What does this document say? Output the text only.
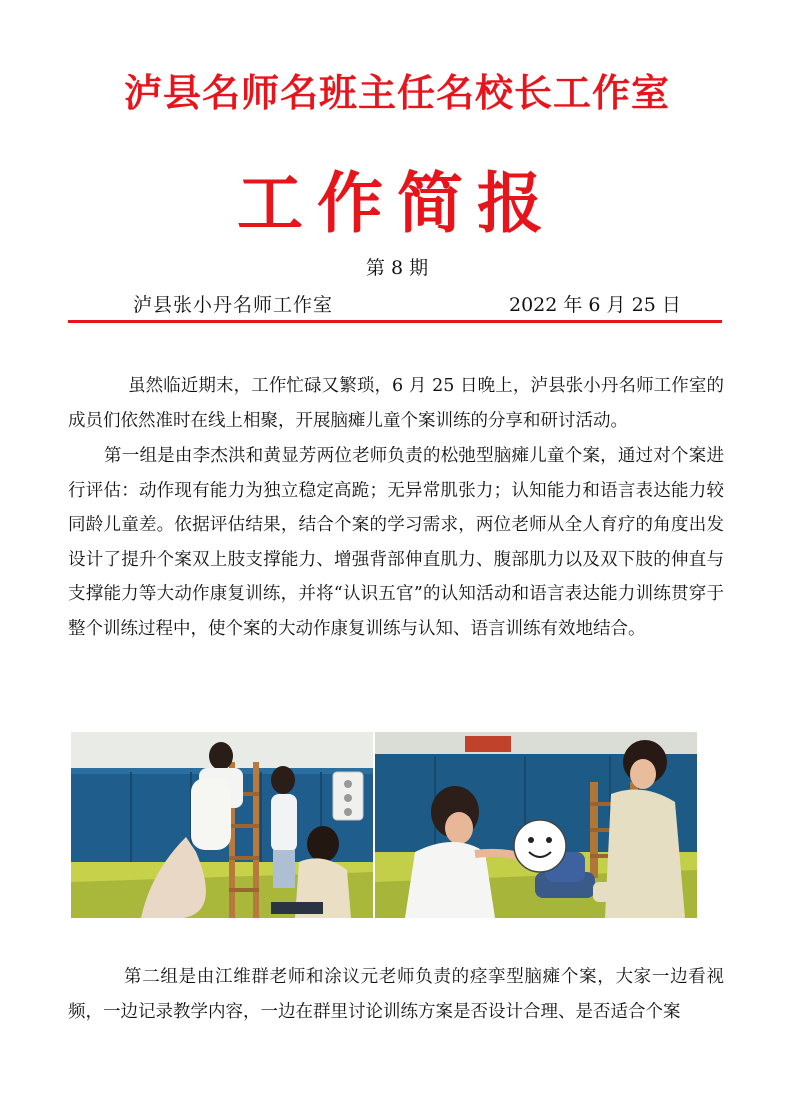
泸县名师名班主任名校长工作室
工作简报
第 8 期
泸县张小丹名师工作室	2022 年 6 月 25 日
虽然临近期末，工作忙碌又繁琐，6 月 25 日晚上，泸县张小丹名师工作室的成员们依然准时在线上相聚，开展脑瘫儿童个案训练的分享和研讨活动。
第一组是由李杰洪和黄显芳两位老师负责的松弛型脑瘫儿童个案，通过对个案进行评估：动作现有能力为独立稳定高跪；无异常肌张力；认知能力和语言表达能力较同龄儿童差。依据评估结果，结合个案的学习需求，两位老师从全人育疗的角度出发设计了提升个案双上肢支撑能力、增强背部伸直肌力、腹部肌力以及双下肢的伸直与支撑能力等大动作康复训练，并将“认识五官”的认知活动和语言表达能力训练贯穿于整个训练过程中，使个案的大动作康复训练与认知、语言训练有效地结合。
第二组是由江维群老师和涂议元老师负责的痉挛型脑瘫个案，大家一边看视频，一边记录教学内容，一边在群里讨论训练方案是否设计合理、是否适合个案
